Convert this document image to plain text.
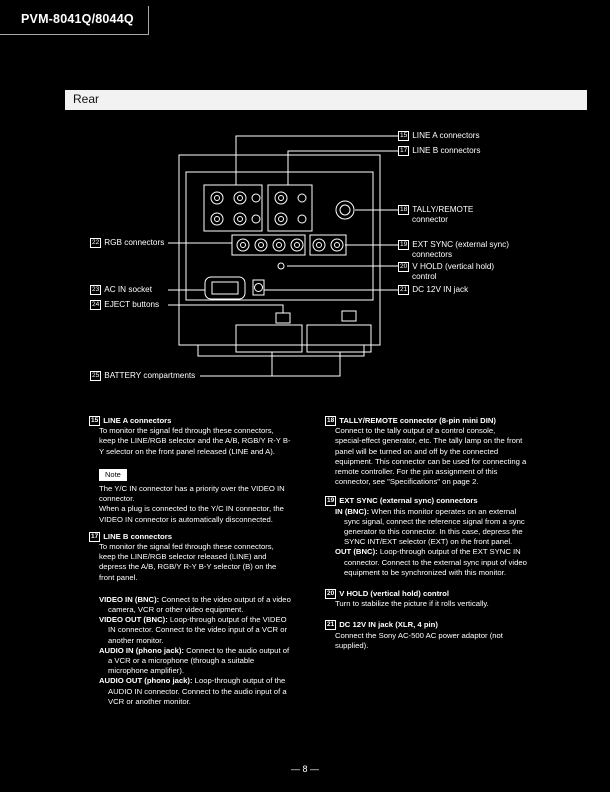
PVM-8041Q/8044Q
Rear
15 LINE A connectors
17 LINE B connectors
18 TALLY/REMOTE
connector
19 EXT SYNC (external sync)
connectors
20 V HOLD (vertical hold)
control
21 DC 12V IN jack
22 RGB connectors
23 AC IN socket
24 EJECT buttons
25 BATTERY compartments

15 LINE A connectors

To monitor the signal fed through these connectors,

keep the LINE/RGB selector and the A/B, RGB/Y R-Y B-

Y selector on the front panel released (LINE and A).

Note

The Y/C IN connector has a priority over the VIDEO IN

connector.

When a plug is connected to the Y/C IN connector, the

VIDEO IN connector is automatically disconnected.

17 LINE B connectors

To monitor the signal fed through these connectors,

keep the LINE/RGB selector released (LINE) and

depress the A/B, RGB/Y R-Y B-Y selector (B) on the

front panel.

VIDEO IN (BNC): Connect to the video output of a video

camera, VCR or other video equipment.

VIDEO OUT (BNC): Loop-through output of the VIDEO

IN connector. Connect to the video input of a VCR or

another monitor.

AUDIO IN (phono jack): Connect to the audio output of

a VCR or a microphone (through a suitable

microphone amplifier).

AUDIO OUT (phono jack): Loop-through output of the

AUDIO IN connector. Connect to the audio input of a

VCR or another monitor.

18 TALLY/REMOTE connector (8-pin mini DIN)

Connect to the tally output of a control console,

special-effect generator, etc. The tally lamp on the front

panel will be turned on and off by the connected

equipment. This connector can be used for connecting a

remote controller. For the pin assignment of this

connector, see "Specifications" on page 2.

19 EXT SYNC (external sync) connectors

IN (BNC): When this monitor operates on an external

sync signal, connect the reference signal from a sync

generator to this connector. In this case, depress the

SYNC INT/EXT selector (EXT) on the front panel.

OUT (BNC): Loop-through output of the EXT SYNC IN

connector. Connect to the external sync input of video

equipment to be synchronized with this monitor.

20 V HOLD (vertical hold) control

Turn to stabilize the picture if it rolls vertically.

21 DC 12V IN jack (XLR, 4 pin)

Connect the Sony AC-500 AC power adaptor (not

supplied).

— 8 —
